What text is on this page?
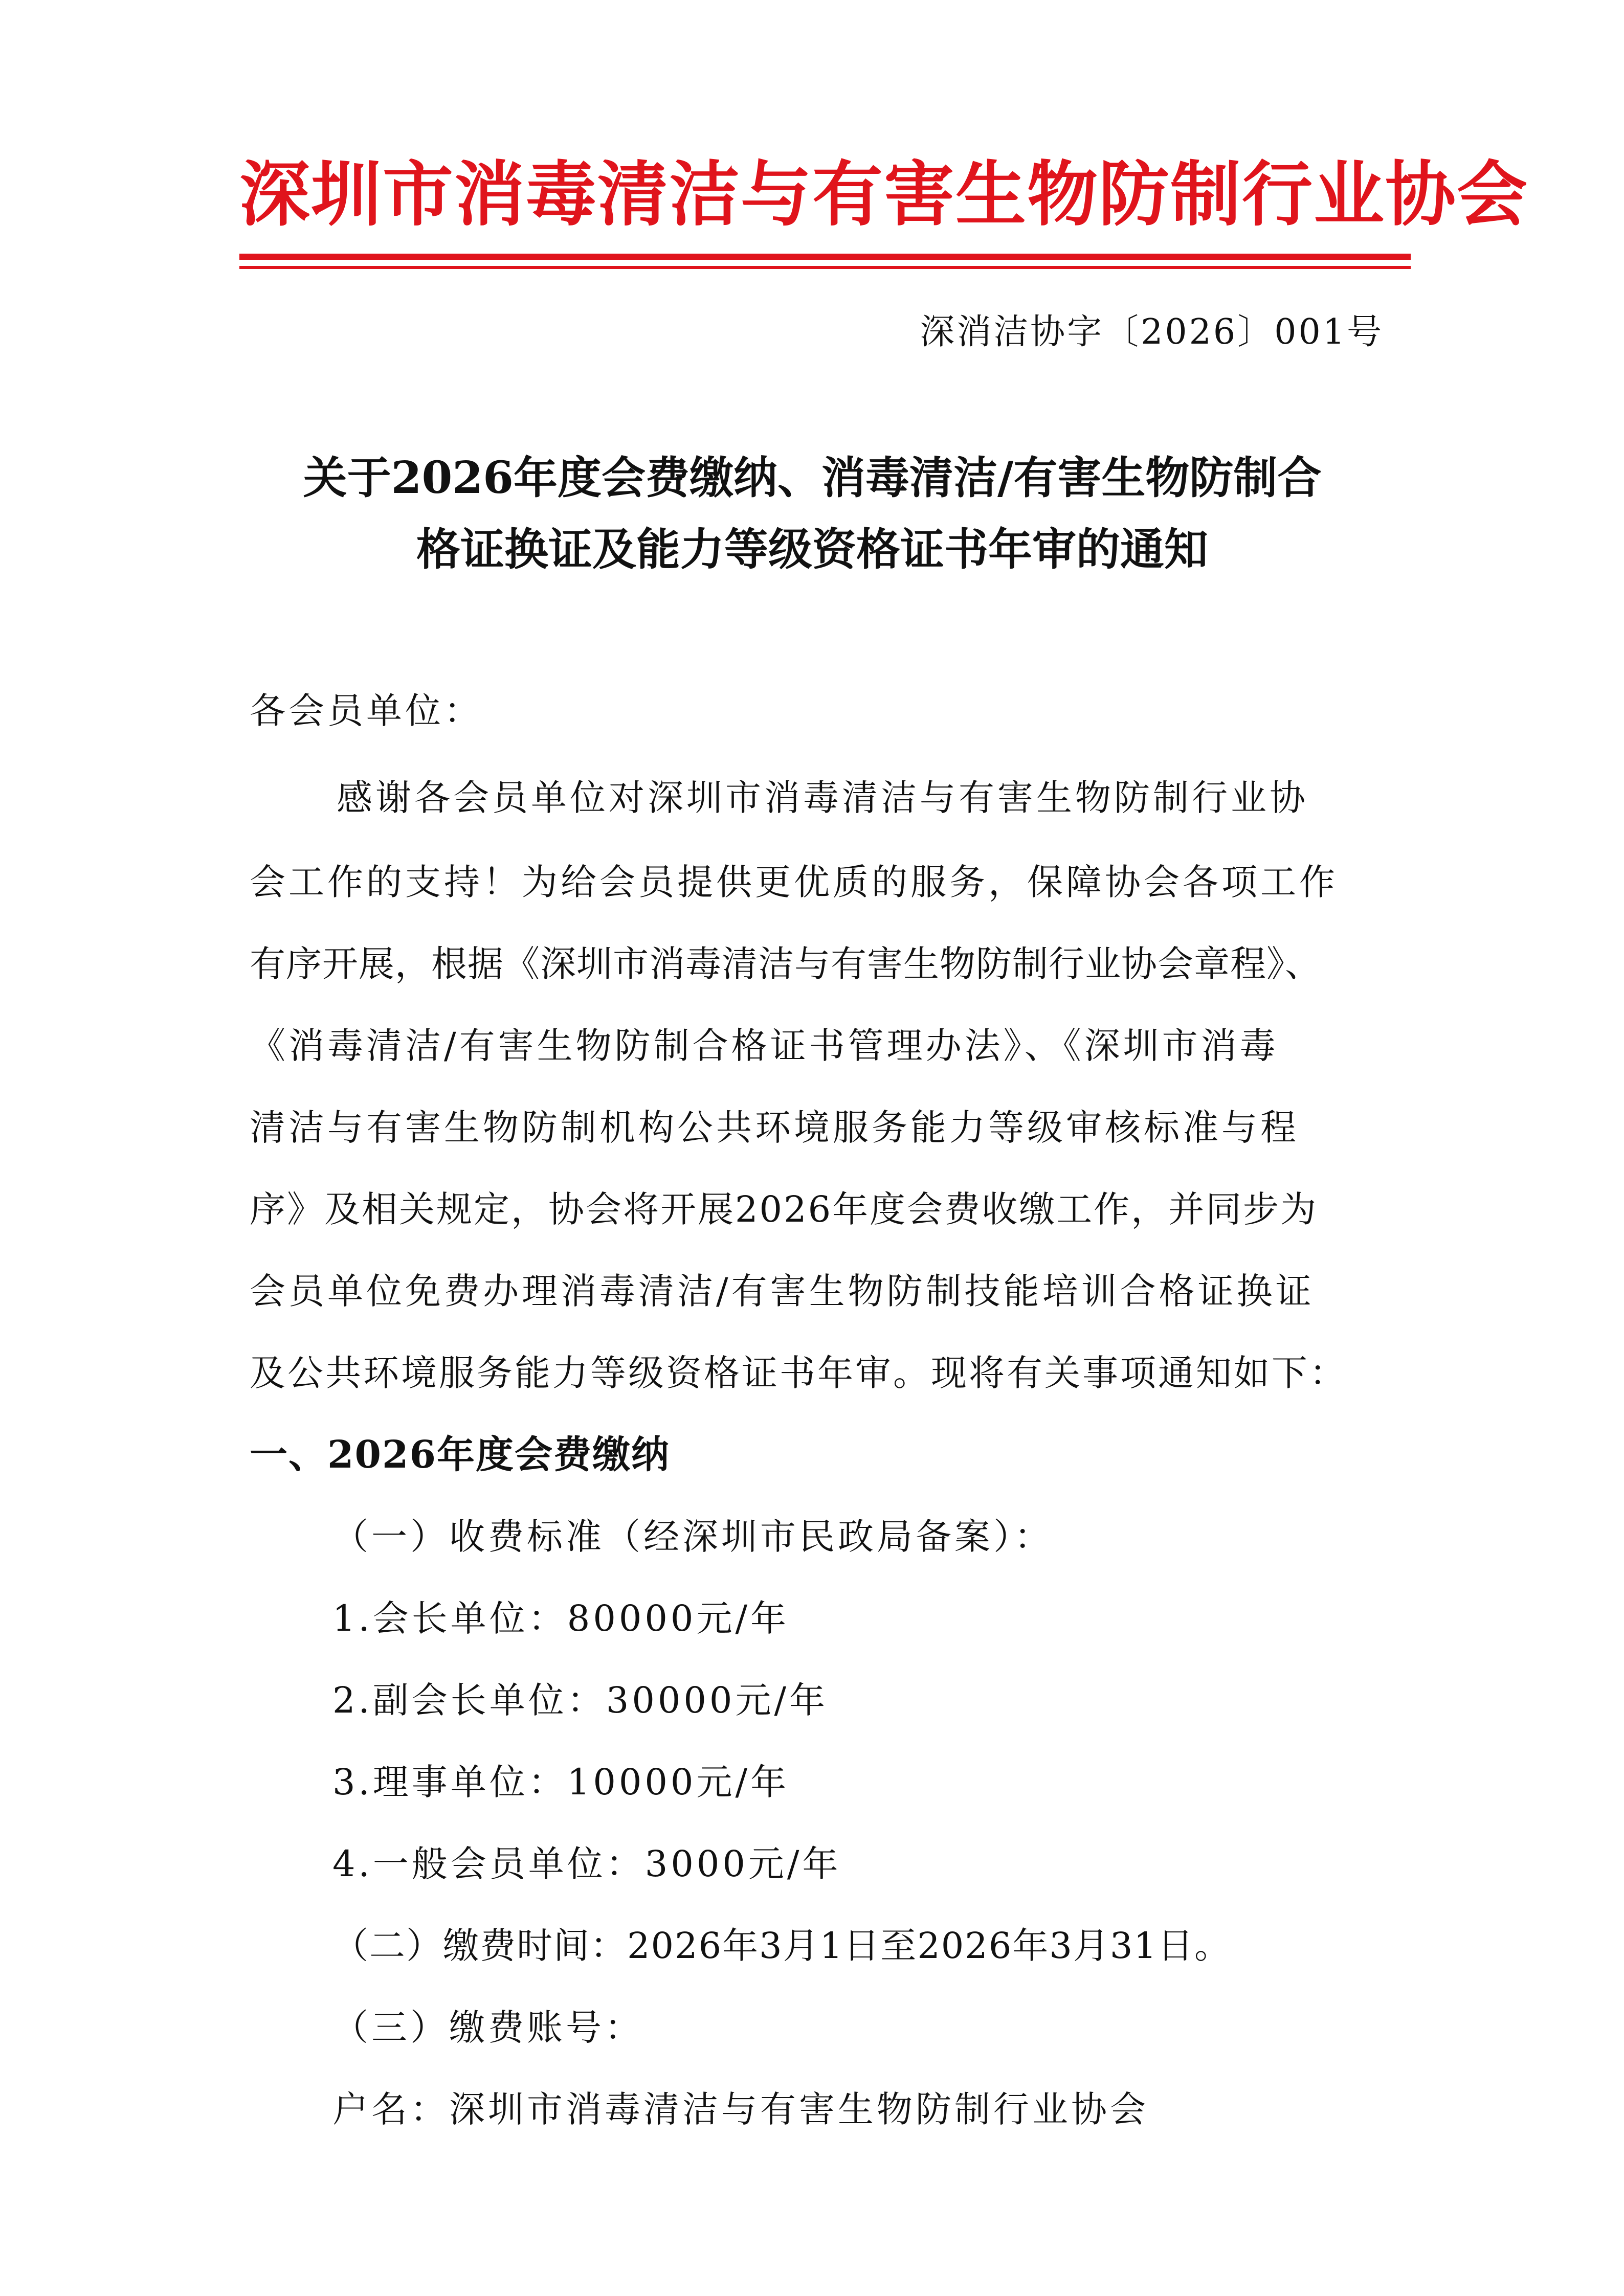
深圳市消毒清洁与有害生物防制行业协会
深消洁协字〔2026〕001号
关于2026年度会费缴纳、消毒清洁/有害生物防制合
格证换证及能力等级资格证书年审的通知
各会员单位：
感谢各会员单位对深圳市消毒清洁与有害生物防制行业协
会工作的支持！为给会员提供更优质的服务，保障协会各项工作
有序开展，根据《深圳市消毒清洁与有害生物防制行业协会章程》、
《消毒清洁/有害生物防制合格证书管理办法》、《深圳市消毒
清洁与有害生物防制机构公共环境服务能力等级审核标准与程
序》及相关规定，协会将开展2026年度会费收缴工作，并同步为
会员单位免费办理消毒清洁/有害生物防制技能培训合格证换证
及公共环境服务能力等级资格证书年审。现将有关事项通知如下：
一、2026年度会费缴纳
（一）收费标准（经深圳市民政局备案）：
1.会长单位：80000元/年
2.副会长单位：30000元/年
3.理事单位：10000元/年
4.一般会员单位：3000元/年
（二）缴费时间：2026年3月1日至2026年3月31日。
（三）缴费账号：
户名：深圳市消毒清洁与有害生物防制行业协会
